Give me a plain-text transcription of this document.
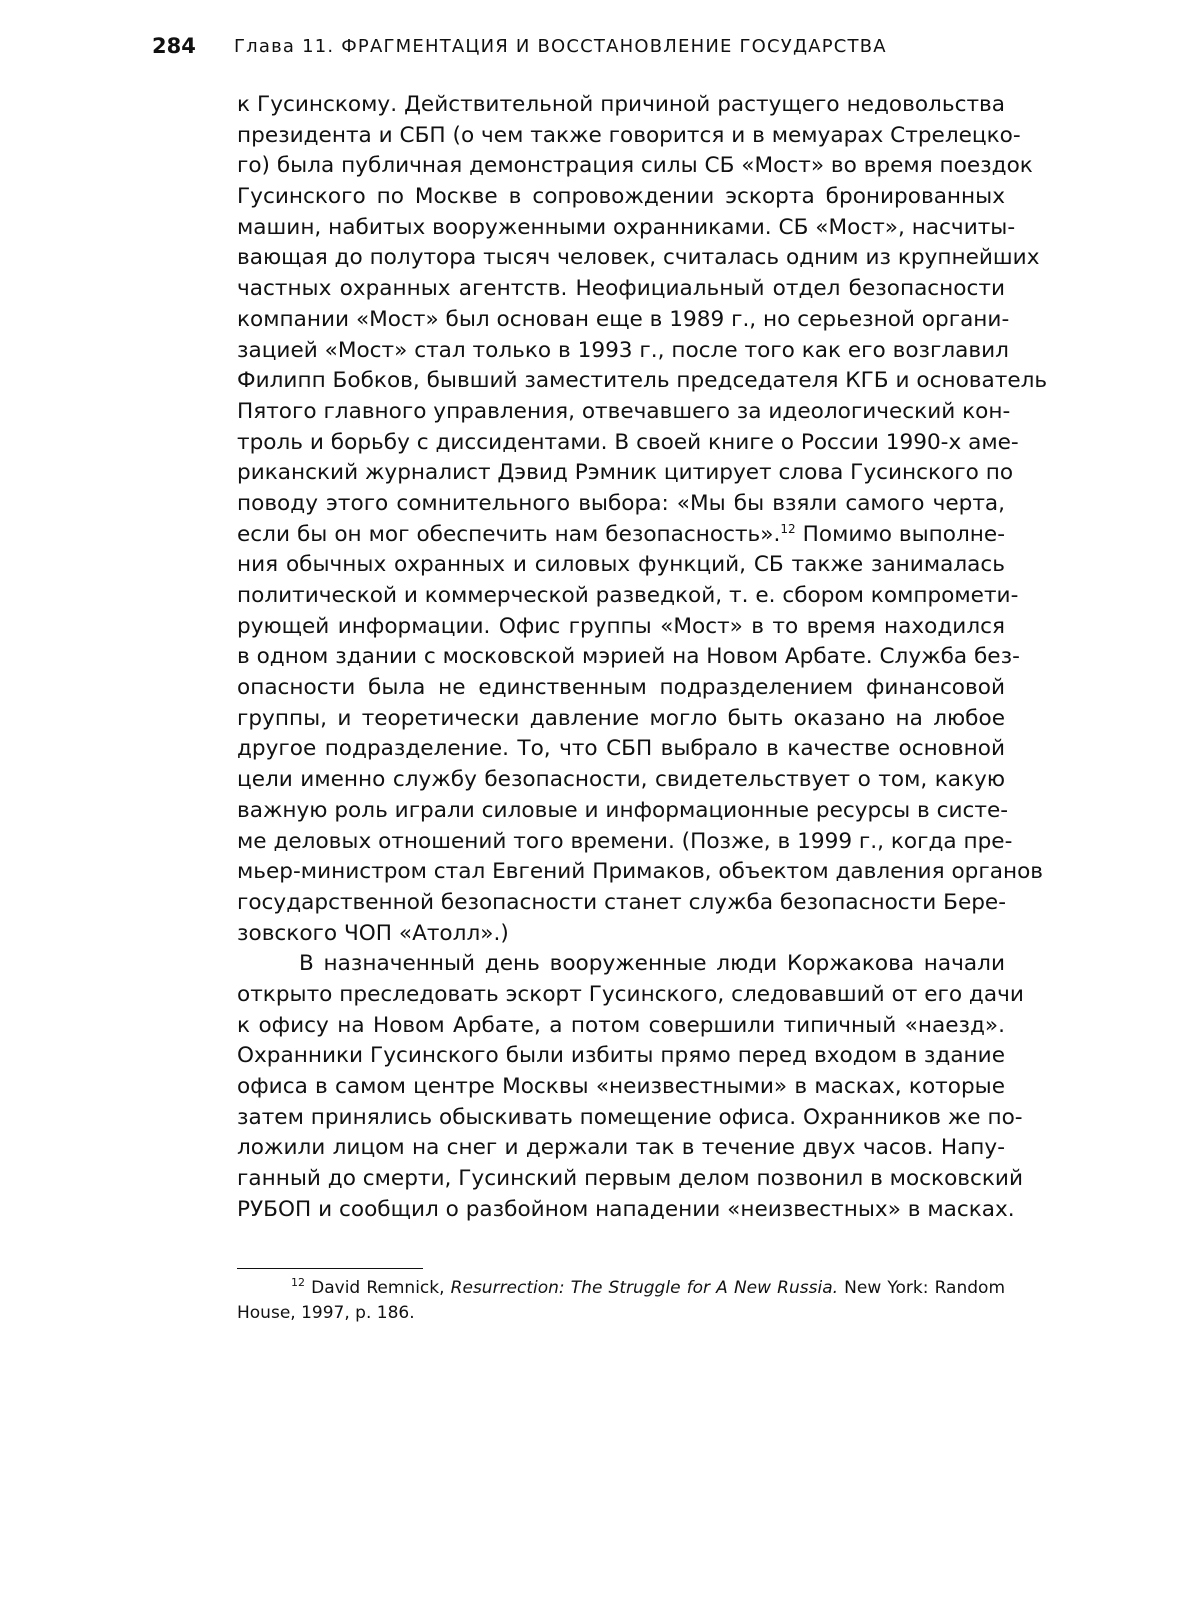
284 Глава 11. ФРАГМЕНТАЦИЯ И ВОССТАНОВЛЕНИЕ ГОСУДАРСТВА
к Гусинскому. Действительной причиной растущего недовольства
президента и СБП (о чем также говорится и в мемуарах Стрелецко-
го) была публичная демонстрация силы СБ «Мост» во время поездок
Гусинского по Москве в сопровождении эскорта бронированных
машин, набитых вооруженными охранниками. СБ «Мост», насчиты-
вающая до полутора тысяч человек, считалась одним из крупнейших
частных охранных агентств. Неофициальный отдел безопасности
компании «Мост» был основан еще в 1989 г., но серьезной органи-
зацией «Мост» стал только в 1993 г., после того как его возглавил
Филипп Бобков, бывший заместитель председателя КГБ и основатель
Пятого главного управления, отвечавшего за идеологический кон-
троль и борьбу с диссидентами. В своей книге о России 1990-х аме-
риканский журналист Дэвид Рэмник цитирует слова Гусинского по
поводу этого сомнительного выбора: «Мы бы взяли самого черта,
если бы он мог обеспечить нам безопасность».$^{12}$ Помимо выполне-
ния обычных охранных и силовых функций, СБ также занималась
политической и коммерческой разведкой, т. е. сбором компромети-
рующей информации. Офис группы «Мост» в то время находился
в одном здании с московской мэрией на Новом Арбате. Служба без-
опасности была не единственным подразделением финансовой
группы, и теоретически давление могло быть оказано на любое
другое подразделение. То, что СБП выбрало в качестве основной
цели именно службу безопасности, свидетельствует о том, какую
важную роль играли силовые и информационные ресурсы в систе-
ме деловых отношений того времени. (Позже, в 1999 г., когда пре-
мьер-министром стал Евгений Примаков, объектом давления органов
государственной безопасности станет служба безопасности Бере-
зовского ЧОП «Атолл».)
В назначенный день вооруженные люди Коржакова начали
открыто преследовать эскорт Гусинского, следовавший от его дачи
к офису на Новом Арбате, а потом совершили типичный «наезд».
Охранники Гусинского были избиты прямо перед входом в здание
офиса в самом центре Москвы «неизвестными» в масках, которые
затем принялись обыскивать помещение офиса. Охранников же по-
ложили лицом на снег и держали так в течение двух часов. Напу-
ганный до смерти, Гусинский первым делом позвонил в московский
РУБОП и сообщил о разбойном нападении «неизвестных» в масках.
$^{12}$ David Remnick, Resurrection: The Struggle for A New Russia. New York: Random
House, 1997, p. 186.
